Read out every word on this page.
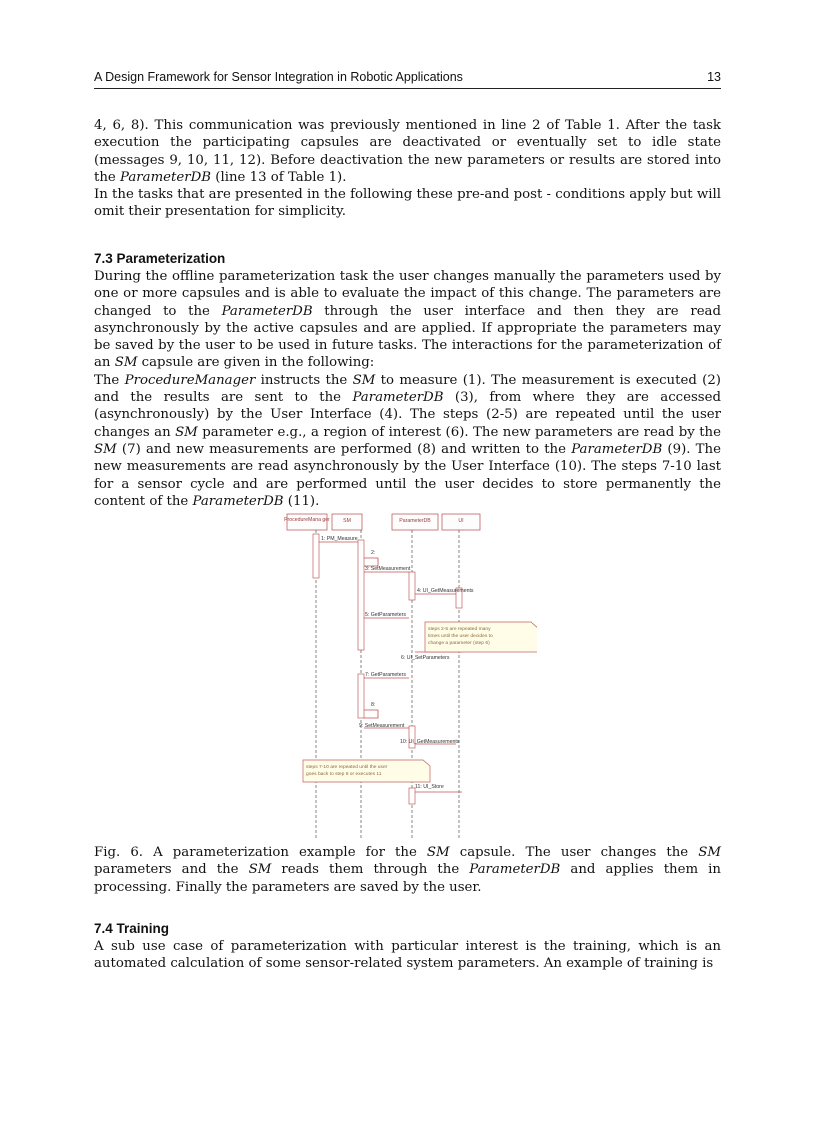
A Design Framework for Sensor Integration in Robotic Applications	13

4, 6, 8). This communication was previously mentioned in line 2 of Table 1. After the task execution the participating capsules are deactivated or eventually set to idle state (messages 9, 10, 11, 12). Before deactivation the new parameters or results are stored into the ParameterDB (line 13 of Table 1).

In the tasks that are presented in the following these pre-and post - conditions apply but will omit their presentation for simplicity.

7.3 Parameterization

During the offline parameterization task the user changes manually the parameters used by one or more capsules and is able to evaluate the impact of this change. The parameters are changed to the ParameterDB through the user interface and then they are read asynchronously by the active capsules and are applied. If appropriate the parameters may be saved by the user to be used in future tasks. The interactions for the parameterization of an SM capsule are given in the following:

The ProcedureManager instructs the SM to measure (1). The measurement is executed (2) and the results are sent to the ParameterDB (3), from where they are accessed (asynchronously) by the User Interface (4). The steps (2-5) are repeated until the user changes an SM parameter e.g., a region of interest (6). The new parameters are read by the SM (7) and new measurements are performed (8) and written to the ParameterDB (9). The new measurements are read asynchronously by the User Interface (10). The steps 7-10 last for a sensor cycle and are performed until the user decides to store permanently the content of the ParameterDB (11).

ProcedureMana ger	SM	ParameterDB	UI
1: PM_Measure
2:
3: SetMeasurement
4: UI_GetMeasurements
5: GetParameters
6: UI_SetParameters
7: GetParameters
8:
9: SetMeasurement
10: UI_GetMeasurements
11: UI_Store
steps 2-5 are repeated many
times until the user decides to
change a parameter (step 6)
steps 7-10 are repeated until the user
goes back to step 6 or executes 11
Fig. 6. A parameterization example for the SM capsule. The user changes the SM parameters and the SM reads them through the ParameterDB and applies them in processing. Finally the parameters are saved by the user.
7.4 Training

A sub use case of parameterization with particular interest is the training, which is an automated calculation of some sensor-related system parameters. An example of training is
